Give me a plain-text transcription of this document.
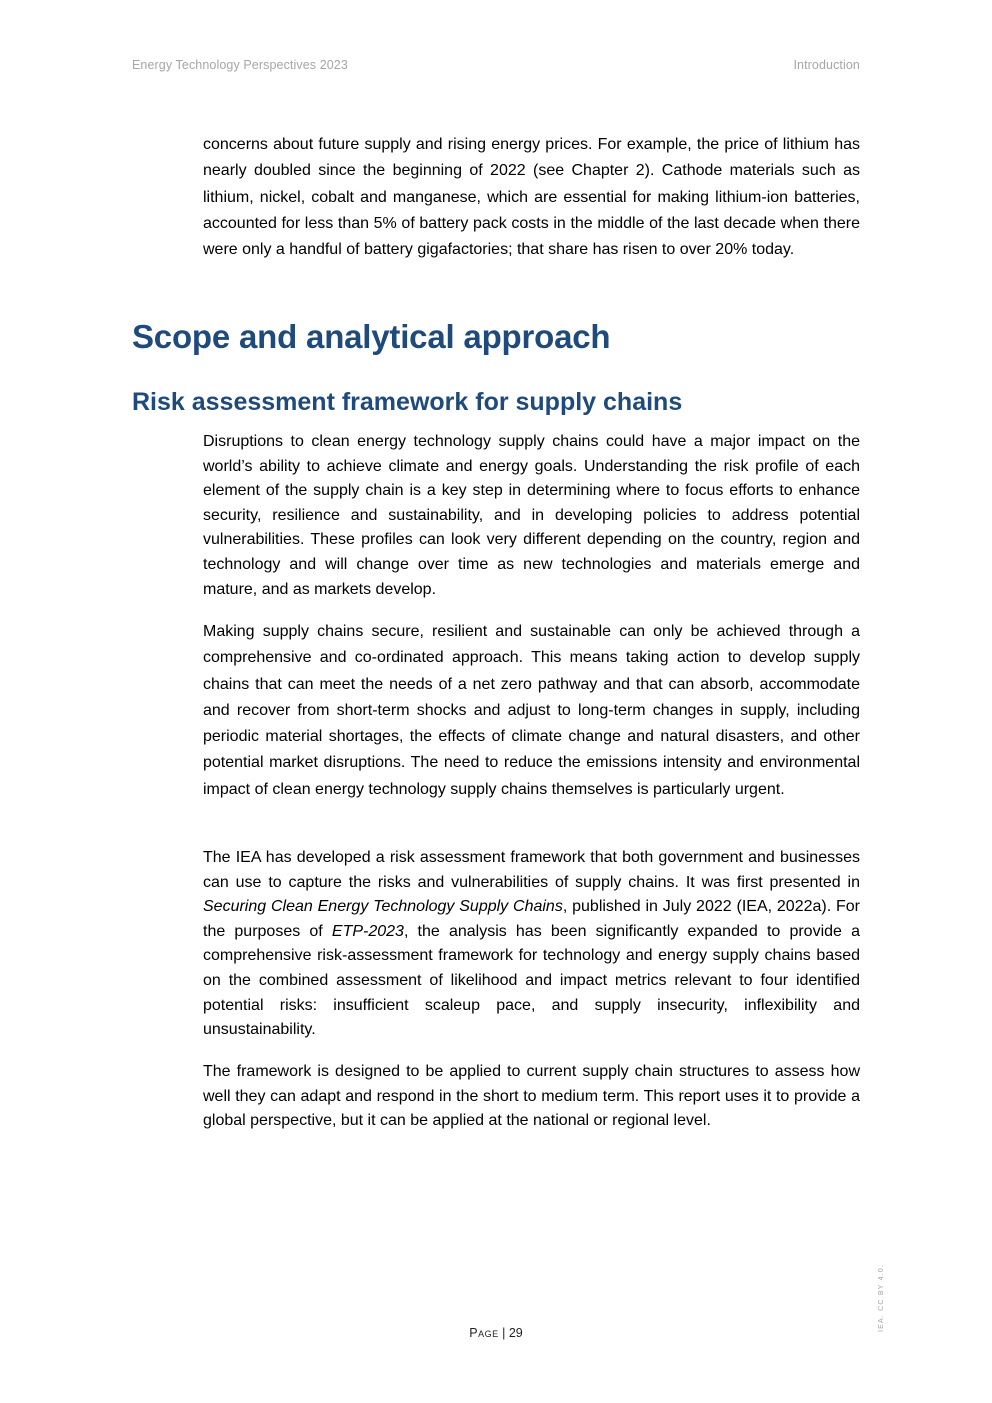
Energy Technology Perspectives 2023	Introduction

concerns about future supply and rising energy prices. For example, the price of lithium has nearly doubled since the beginning of 2022 (see Chapter 2). Cathode materials such as lithium, nickel, cobalt and manganese, which are essential for making lithium-ion batteries, accounted for less than 5% of battery pack costs in the middle of the last decade when there were only a handful of battery gigafactories; that share has risen to over 20% today.

Scope and analytical approach
Risk assessment framework for supply chains

Disruptions to clean energy technology supply chains could have a major impact on the world’s ability to achieve climate and energy goals. Understanding the risk profile of each element of the supply chain is a key step in determining where to focus efforts to enhance security, resilience and sustainability, and in developing policies to address potential vulnerabilities. These profiles can look very different depending on the country, region and technology and will change over time as new technologies and materials emerge and mature, and as markets develop.

Making supply chains secure, resilient and sustainable can only be achieved through a comprehensive and co-ordinated approach. This means taking action to develop supply chains that can meet the needs of a net zero pathway and that can absorb, accommodate and recover from short-term shocks and adjust to long-term changes in supply, including periodic material shortages, the effects of climate change and natural disasters, and other potential market disruptions. The need to reduce the emissions intensity and environmental impact of clean energy technology supply chains themselves is particularly urgent.

The IEA has developed a risk assessment framework that both government and businesses can use to capture the risks and vulnerabilities of supply chains. It was first presented in Securing Clean Energy Technology Supply Chains, published in July 2022 (IEA, 2022a). For the purposes of ETP-2023, the analysis has been significantly expanded to provide a comprehensive risk-assessment framework for technology and energy supply chains based on the combined assessment of likelihood and impact metrics relevant to four identified potential risks: insufficient scaleup pace, and supply insecurity, inflexibility and unsustainability.

The framework is designed to be applied to current supply chain structures to assess how well they can adapt and respond in the short to medium term. This report uses it to provide a global perspective, but it can be applied at the national or regional level.

Page | 29
IEA. CC BY 4.0.
